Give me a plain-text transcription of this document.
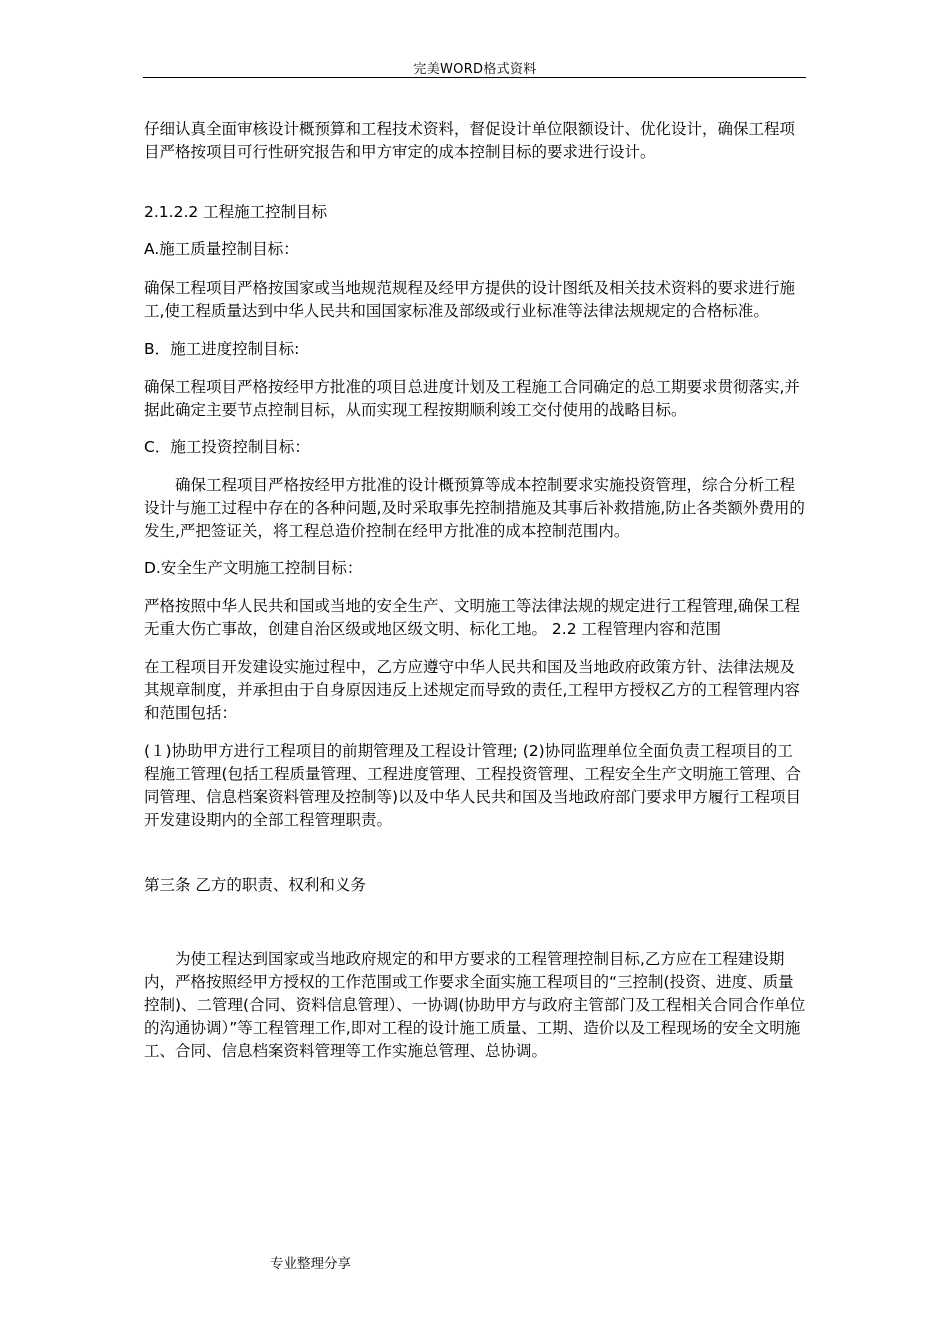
完美WORD格式资料

仔细认真全面审核设计概预算和工程技术资料，督促设计单位限额设计、优化设计，确保工程项目严格按项目可行性研究报告和甲方审定的成本控制目标的要求进行设计。

2.1.2.2 工程施工控制目标

A.施工质量控制目标：

确保工程项目严格按国家或当地规范规程及经甲方提供的设计图纸及相关技术资料的要求进行施工,使工程质量达到中华人民共和国国家标准及部级或行业标准等法律法规规定的合格标准。

B．施工进度控制目标:

确保工程项目严格按经甲方批准的项目总进度计划及工程施工合同确定的总工期要求贯彻落实,并据此确定主要节点控制目标，从而实现工程按期顺利竣工交付使用的战略目标。

C．施工投资控制目标：

确保工程项目严格按经甲方批准的设计概预算等成本控制要求实施投资管理，综合分析工程设计与施工过程中存在的各种问题,及时采取事先控制措施及其事后补救措施,防止各类额外费用的发生,严把签证关，将工程总造价控制在经甲方批准的成本控制范围内。

D.安全生产文明施工控制目标：

严格按照中华人民共和国或当地的安全生产、文明施工等法律法规的规定进行工程管理,确保工程无重大伤亡事故，创建自治区级或地区级文明、标化工地。 2.2 工程管理内容和范围

在工程项目开发建设实施过程中，乙方应遵守中华人民共和国及当地政府政策方针、法律法规及其规章制度，并承担由于自身原因违反上述规定而导致的责任,工程甲方授权乙方的工程管理内容和范围包括：

(１)协助甲方进行工程项目的前期管理及工程设计管理; (2)协同监理单位全面负责工程项目的工程施工管理(包括工程质量管理、工程进度管理、工程投资管理、工程安全生产文明施工管理、合同管理、信息档案资料管理及控制等)以及中华人民共和国及当地政府部门要求甲方履行工程项目开发建设期内的全部工程管理职责。

第三条 乙方的职责、权利和义务

为使工程达到国家或当地政府规定的和甲方要求的工程管理控制目标,乙方应在工程建设期内，严格按照经甲方授权的工作范围或工作要求全面实施工程项目的“三控制(投资、进度、质量控制)、二管理(合同、资料信息管理）、一协调(协助甲方与政府主管部门及工程相关合同合作单位的沟通协调）”等工程管理工作,即对工程的设计施工质量、工期、造价以及工程现场的安全文明施工、合同、信息档案资料管理等工作实施总管理、总协调。

专业整理分享
